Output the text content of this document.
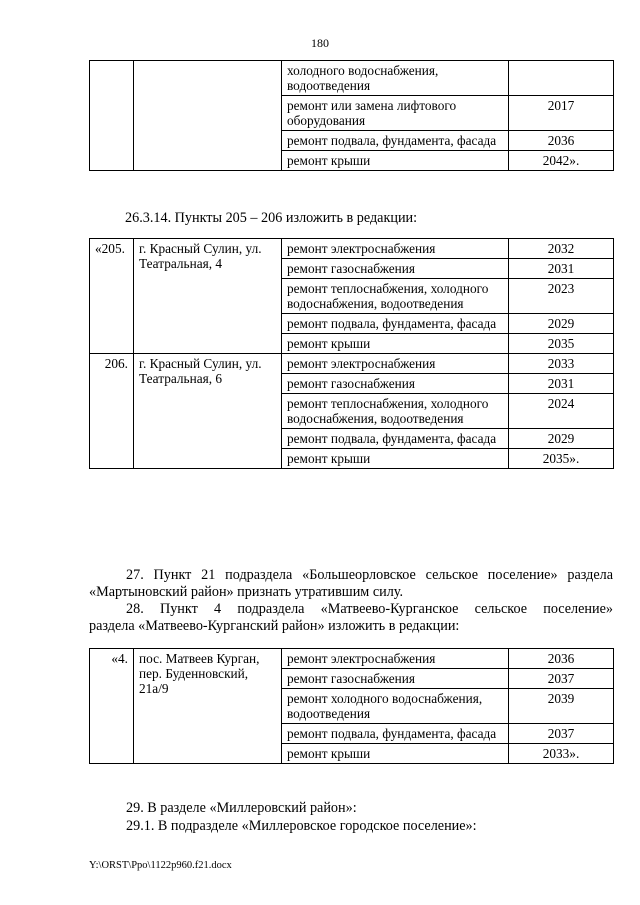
180
		холодного водоснабжения, водоотведения	
		ремонт или замена лифтового оборудования	2017
		ремонт подвала, фундамента, фасада	2036
		ремонт крыши	2042».
26.3.14. Пункты 205 – 206 изложить в редакции:
«205.	г. Красный Сулин, ул. Театральная, 4	ремонт электроснабжения	2032
		ремонт газоснабжения	2031
		ремонт теплоснабжения, холодного водоснабжения, водоотведения	2023
		ремонт подвала, фундамента, фасада	2029
		ремонт крыши	2035
206.	г. Красный Сулин, ул. Театральная, 6	ремонт электроснабжения	2033
		ремонт газоснабжения	2031
		ремонт теплоснабжения, холодного водоснабжения, водоотведения	2024
		ремонт подвала, фундамента, фасада	2029
		ремонт крыши	2035».
27. Пункт 21 подраздела «Большеорловское сельское поселение» раздела
«Мартыновский район» признать утратившим силу.
28. Пункт 4 подраздела «Матвеево-Курганское сельское поселение»
раздела «Матвеево-Курганский район» изложить в редакции:
«4.	пос. Матвеев Курган, пер. Буденновский, 21а/9	ремонт электроснабжения	2036
		ремонт газоснабжения	2037
		ремонт холодного водоснабжения, водоотведения	2039
		ремонт подвала, фундамента, фасада	2037
		ремонт крыши	2033».
29. В разделе «Миллеровский район»:
29.1. В подразделе «Миллеровское городское поселение»:
Y:\ORST\Ppo\1122p960.f21.docx
